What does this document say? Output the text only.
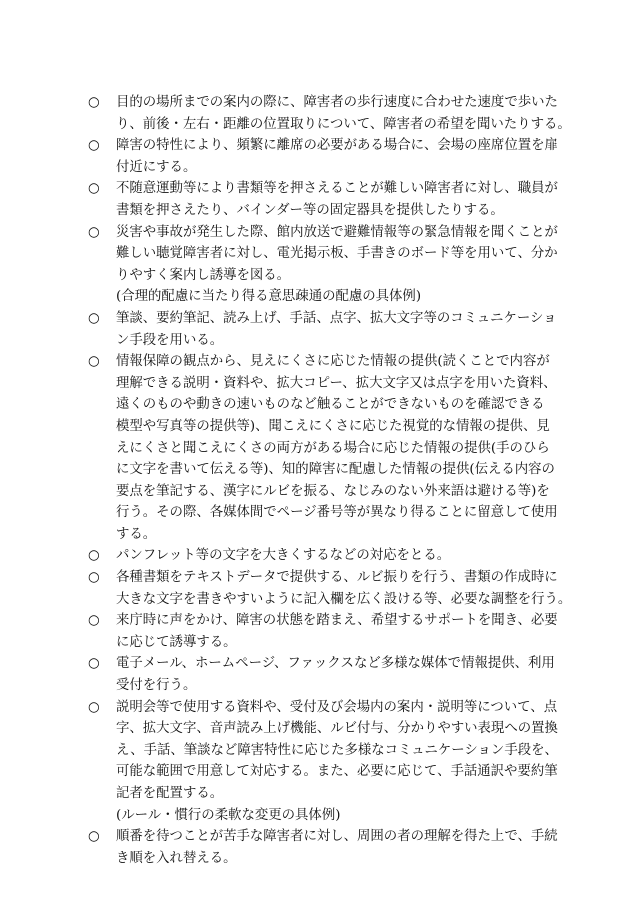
○	目的の場所までの案内の際に、障害者の歩行速度に合わせた速度で歩いた
り、前後・左右・距離の位置取りについて、障害者の希望を聞いたりする。
○	障害の特性により、頻繁に離席の必要がある場合に、会場の座席位置を扉
付近にする。
○	不随意運動等により書類等を押さえることが難しい障害者に対し、職員が
書類を押さえたり、バインダー等の固定器具を提供したりする。
○	災害や事故が発生した際、館内放送で避難情報等の緊急情報を聞くことが
難しい聴覚障害者に対し、電光掲示板、手書きのボード等を用いて、分か
りやすく案内し誘導を図る。
(合理的配慮に当たり得る意思疎通の配慮の具体例)
○	筆談、要約筆記、読み上げ、手話、点字、拡大文字等のコミュニケーショ
ン手段を用いる。
○	情報保障の観点から、見えにくさに応じた情報の提供(読くことで内容が
理解できる説明・資料や、拡大コピー、拡大文字又は点字を用いた資料、
遠くのものや動きの速いものなど触ることができないものを確認できる
模型や写真等の提供等)、聞こえにくさに応じた視覚的な情報の提供、見
えにくさと聞こえにくさの両方がある場合に応じた情報の提供(手のひら
に文字を書いて伝える等)、知的障害に配慮した情報の提供(伝える内容の
要点を筆記する、漢字にルビを振る、なじみのない外来語は避ける等)を
行う。その際、各媒体間でページ番号等が異なり得ることに留意して使用
する。
○	パンフレット等の文字を大きくするなどの対応をとる。
○	各種書類をテキストデータで提供する、ルビ振りを行う、書類の作成時に
大きな文字を書きやすいように記入欄を広く設ける等、必要な調整を行う。
○	来庁時に声をかけ、障害の状態を踏まえ、希望するサポートを聞き、必要
に応じて誘導する。
○	電子メール、ホームページ、ファックスなど多様な媒体で情報提供、利用
受付を行う。
○	説明会等で使用する資料や、受付及び会場内の案内・説明等について、点
字、拡大文字、音声読み上げ機能、ルビ付与、分かりやすい表現への置換
え、手話、筆談など障害特性に応じた多様なコミュニケーション手段を、
可能な範囲で用意して対応する。また、必要に応じて、手話通訳や要約筆
記者を配置する。
(ルール・慣行の柔軟な変更の具体例)
○	順番を待つことが苦手な障害者に対し、周囲の者の理解を得た上で、手続
き順を入れ替える。
